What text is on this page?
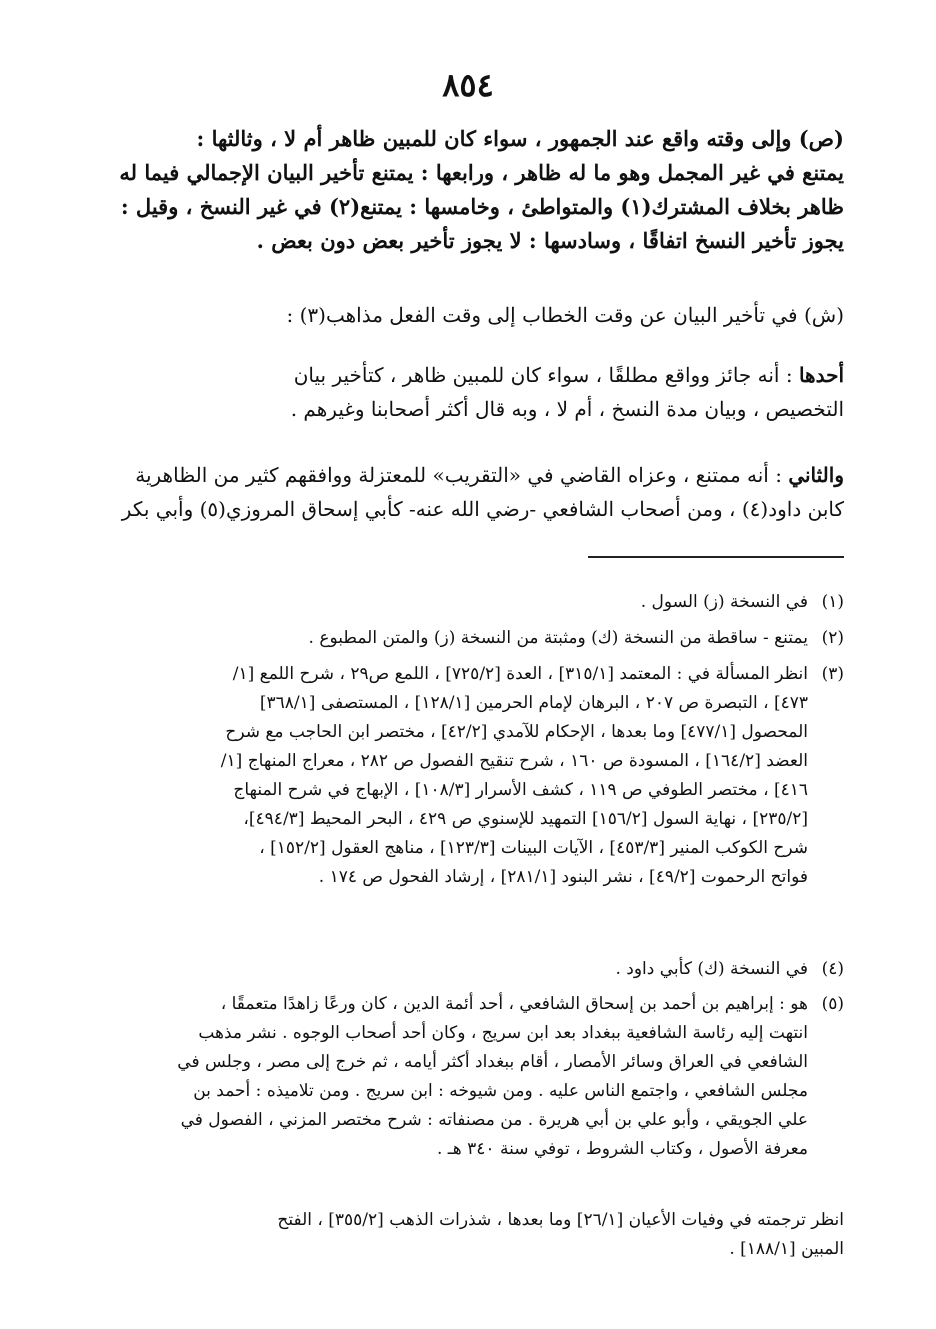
٨٥٤
(ص) وإلى وقته واقع عند الجمهور ، سواء كان للمبين ظاهر أم لا ، وثالثها :
يمتنع في غير المجمل وهو ما له ظاهر ، ورابعها : يمتنع تأخير البيان الإجمالي فيما له
ظاهر بخلاف المشترك(١) والمتواطئ ، وخامسها : يمتنع(٢) في غير النسخ ، وقيل :
يجوز تأخير النسخ اتفاقًا ، وسادسها : لا يجوز تأخير بعض دون بعض .
(ش) في تأخير البيان عن وقت الخطاب إلى وقت الفعل مذاهب(٣) :
أحدها : أنه جائز وواقع مطلقًا ، سواء كان للمبين ظاهر ، كتأخير بيان
التخصيص ، وبيان مدة النسخ ، أم لا ، وبه قال أكثر أصحابنا وغيرهم .
والثاني : أنه ممتنع ، وعزاه القاضي في «التقريب» للمعتزلة ووافقهم كثير من الظاهرية
كابن داود(٤) ، ومن أصحاب الشافعي -رضي الله عنه- كأبي إسحاق المروزي(٥) وأبي بكر
(١)
في النسخة (ز) السول .
(٢)
يمتنع - ساقطة من النسخة (ك) ومثبتة من النسخة (ز) والمتن المطبوع .
(٣)
انظر المسألة في : المعتمد [٣١٥/١] ، العدة [٧٢٥/٢] ، اللمع ص٢٩ ، شرح اللمع [١/
٤٧٣] ، التبصرة ص ٢٠٧ ، البرهان لإمام الحرمين [١٢٨/١] ، المستصفى [٣٦٨/١]
المحصول [٤٧٧/١] وما بعدها ، الإحكام للآمدي [٤٢/٢] ، مختصر ابن الحاجب مع شرح
العضد [١٦٤/٢] ، المسودة ص ١٦٠ ، شرح تنقيح الفصول ص ٢٨٢ ، معراج المنهاج [١/
٤١٦] ، مختصر الطوفي ص ١١٩ ، كشف الأسرار [١٠٨/٣] ، الإبهاج في شرح المنهاج
[٢٣٥/٢] ، نهاية السول [١٥٦/٢] التمهيد للإسنوي ص ٤٢٩ ، البحر المحيط [٤٩٤/٣]،
شرح الكوكب المنير [٤٥٣/٣] ، الآيات البينات [١٢٣/٣] ، مناهج العقول [١٥٢/٢] ،
فواتح الرحموت [٤٩/٢] ، نشر البنود [٢٨١/١] ، إرشاد الفحول ص ١٧٤ .
(٤)
في النسخة (ك) كأبي داود .
(٥)
هو : إبراهيم بن أحمد بن إسحاق الشافعي ، أحد أئمة الدين ، كان ورعًا زاهدًا متعمقًا ،
انتهت إليه رئاسة الشافعية ببغداد بعد ابن سريج ، وكان أحد أصحاب الوجوه . نشر مذهب
الشافعي في العراق وسائر الأمصار ، أقام ببغداد أكثر أيامه ، ثم خرج إلى مصر ، وجلس في
مجلس الشافعي ، واجتمع الناس عليه . ومن شيوخه : ابن سريج . ومن تلاميذه : أحمد بن
علي الجويقي ، وأبو علي بن أبي هريرة . من مصنفاته : شرح مختصر المزني ، الفصول في
معرفة الأصول ، وكتاب الشروط ، توفي سنة ٣٤٠ هـ .
انظر ترجمته في وفيات الأعيان [٢٦/١] وما بعدها ، شذرات الذهب [٣٥٥/٢] ، الفتح
المبين [١٨٨/١] .
